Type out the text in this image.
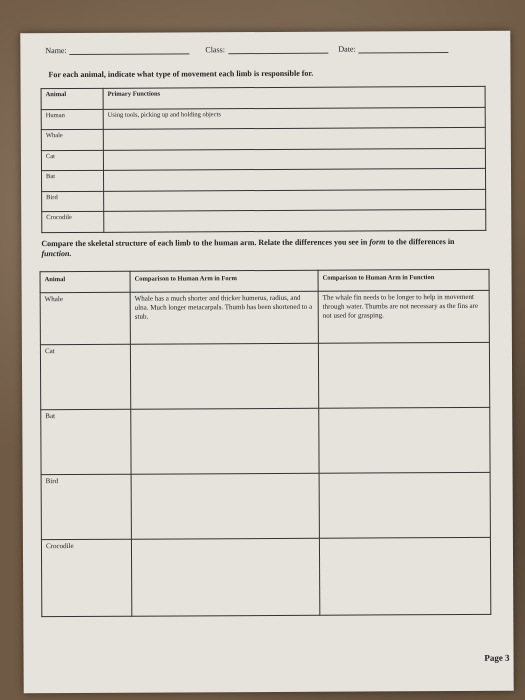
Name:	Class:	Date:
For each animal, indicate what type of movement each limb is responsible for.
Animal	Primary Functions
Human	Using tools, picking up and holding objects
Whale	
Cat	
Bat	
Bird	
Crocodile	
Compare the skeletal structure of each limb to the human arm. Relate the differences you see in form to the differences in function.
Animal	Comparison to Human Arm in Form	Comparison to Human Arm in Function
Whale	Whale has a much shorter and thicker humerus, radius, and ulna. Much longer metacarpals. Thumb has been shortened to a stub.	The whale fin needs to be longer to help in movement through water. Thumbs are not necessary as the fins are not used for grasping.
Cat		
Bat		
Bird		
Crocodile		
Page 3
